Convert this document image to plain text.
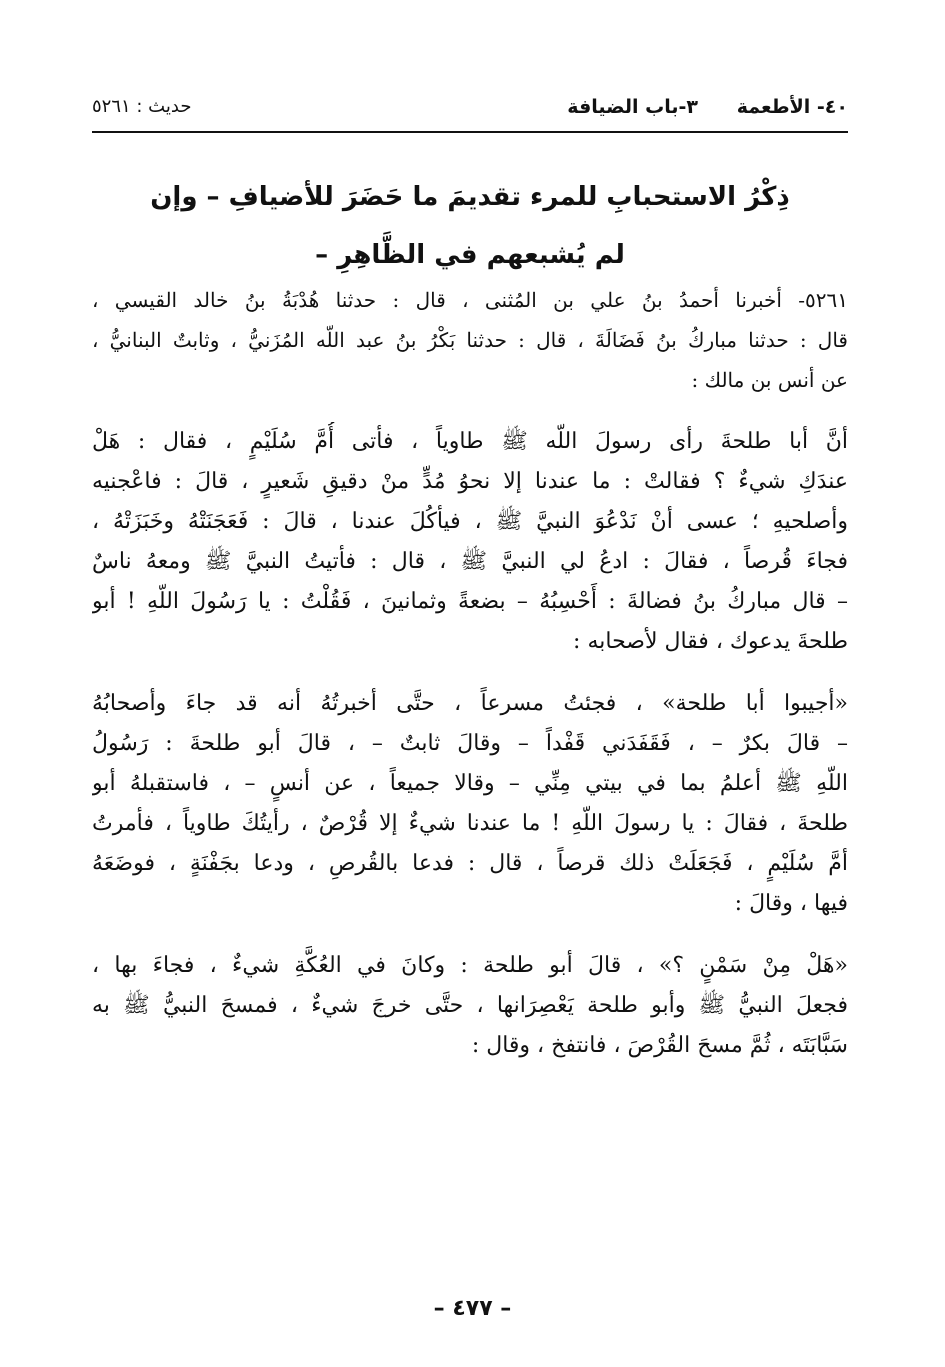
٤٠- الأطعمة
٣-باب الضيافة
حديث : ٥٢٦١
ذِكْرُ الاستحبابِ للمرء تقديمَ ما حَضَرَ للأضيافِ – وإن
لم يُشبعهم في الظَّاهِرِ –
٥٢٦١- أخبرنا أحمدُ بنُ علي بن المُثنى ، قال : حدثنا هُدْبَةُ بنُ خالد القيسي ،
قال : حدثنا مباركُ بنُ فَضَالَةَ ، قال : حدثنا بَكْرُ بنُ عبد اللّه المُزَنيُّ ، وثابتٌ البنانيُّ ،
عن أنس بن مالك :
أنَّ أبا طلحةَ رأى رسولَ اللّه ﷺ طاوياً ، فأتى أُمَّ سُلَيْمٍ ، فقال : هَلْ
عندَكِ شيءٌ ؟ فقالتْ : ما عندنا إلا نحوُ مُدٍّ منْ دقيقِ شَعيرٍ ، قالَ : فاعْجنيه
وأصلحيهِ ؛ عسى أنْ نَدْعُوَ النبيَّ ﷺ ، فيأكُلَ عندنا ، قالَ : فَعَجَنَتْهُ وخَبَزَتْهُ ،
فجاءَ قُرصاً ، فقالَ : ادعُ لي النبيَّ ﷺ ، قال : فأتيتُ النبيَّ ﷺ ومعهُ ناسٌ
– قال مباركُ بنُ فضالةَ : أَحْسِبُهُ – بضعةً وثمانينَ ، فَقُلْتُ : يا رَسُولَ اللّهِ ! أبو
طلحةَ يدعوك ، فقال لأصحابه :
«أجيبوا أبا طلحة» ، فجئتُ مسرعاً ، حتَّى أخبرتُهُ أنه قد جاءَ وأصحابُهُ
– قالَ بكرٌ – ، فَقَفَدَني قَفْداً – وقالَ ثابتٌ – ، قالَ أبو طلحةَ : رَسُولُ
اللّهِ ﷺ أعلمُ بما في بيتي مِنِّي – وقالا جميعاً ، عن أنسٍ – ، فاستقبلهُ أبو
طلحةَ ، فقالَ : يا رسولَ اللّهِ ! ما عندنا شيءٌ إلا قُرْصٌ ، رأيتُكَ طاوياً ، فأمرتُ
أمَّ سُلَيْمٍ ، فَجَعَلَتْ ذلك قرصاً ، قال : فدعا بالقُرصِ ، ودعا بجَفْنَةٍ ، فوضَعَهُ
فيها ، وقالَ :
«هَلْ مِنْ سَمْنٍ ؟» ، قالَ أبو طلحة : وكانَ في العُكَّةِ شيءٌ ، فجاءَ بها ،
فجعلَ النبيُّ ﷺ وأبو طلحة يَعْصِرَانها ، حتَّى خرجَ شيءٌ ، فمسحَ النبيُّ ﷺ به
سَبَّابَتَه ، ثُمَّ مسحَ القُرْصَ ، فانتفخ ، وقال :
– ٤٧٧ –
